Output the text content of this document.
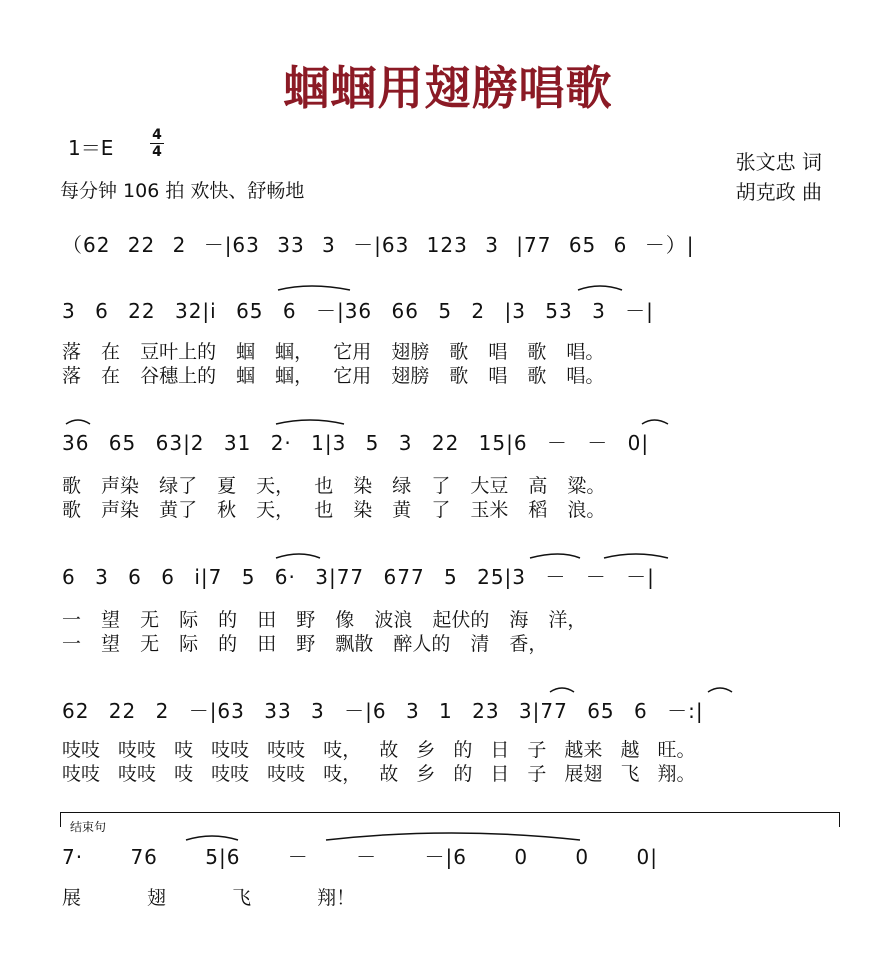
蝈蝈用翅膀唱歌
1＝E
4
4
每分钟 106 拍 欢快、舒畅地
张文忠 词
胡克政 曲
（62 22 2 －|63 33 3 －|63 123 3 |77 65 6 －）|
3 6 22 32|i 65 6 －|36 66 5 2 |3 53 3 －|
落 在 豆叶上的 蝈 蝈， 它用 翅膀 歌 唱 歌 唱。
落 在 谷穗上的 蝈 蝈， 它用 翅膀 歌 唱 歌 唱。
36 65 63|2 31 2· 1|3 5 3 22 15|6 － － 0|
歌 声染 绿了 夏 天， 也 染 绿 了 大豆 高 粱。
歌 声染 黄了 秋 天， 也 染 黄 了 玉米 稻 浪。
6 3 6 6 i|7 5 6· 3|77 677 5 25|3 － － －|
一 望 无 际 的 田 野 像 波浪 起伏的 海 洋，
一 望 无 际 的 田 野 飘散 醉人的 清 香，
62 22 2 －|63 33 3 －|6 3 1 23 3|77 65 6 －:|
吱吱 吱吱 吱 吱吱 吱吱 吱， 故 乡 的 日 子 越来 越 旺。
吱吱 吱吱 吱 吱吱 吱吱 吱， 故 乡 的 日 子 展翅 飞 翔。
结束句
7· 76 5|6 － － －|6 0 0 0|
展 翅 飞 翔！
